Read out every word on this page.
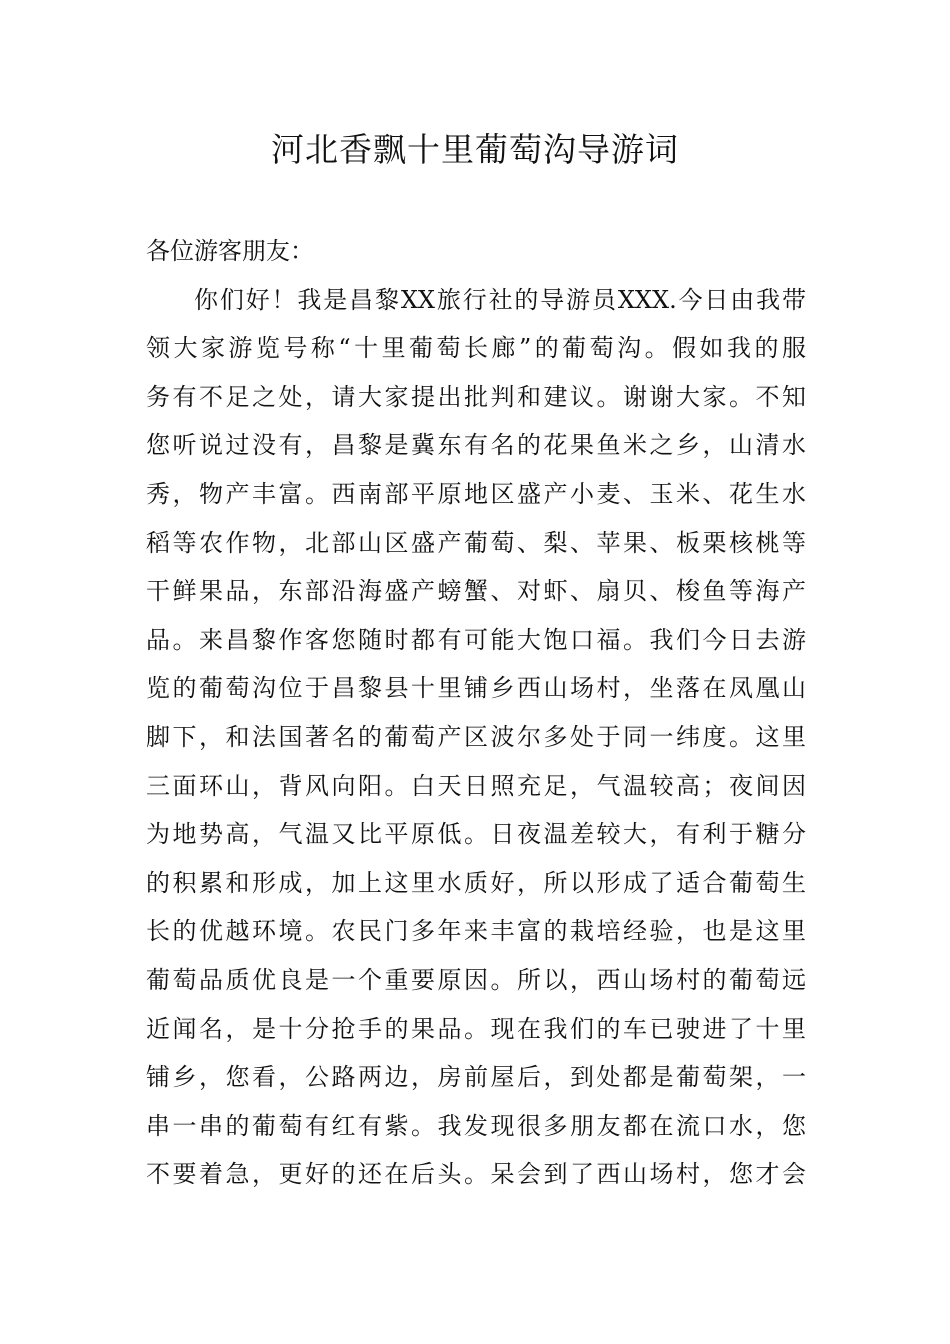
河北香飘十里葡萄沟导游词
各位游客朋友：
你们好！我是昌黎XX旅行社的导游员XXX.今日由我带
领大家游览号称“十里葡萄长廊”的葡萄沟。假如我的服
务有不足之处，请大家提出批判和建议。谢谢大家。不知
您听说过没有，昌黎是冀东有名的花果鱼米之乡，山清水
秀，物产丰富。西南部平原地区盛产小麦、玉米、花生水
稻等农作物，北部山区盛产葡萄、梨、苹果、板栗核桃等
干鲜果品，东部沿海盛产螃蟹、对虾、扇贝、梭鱼等海产
品。来昌黎作客您随时都有可能大饱口福。我们今日去游
览的葡萄沟位于昌黎县十里铺乡西山场村，坐落在凤凰山
脚下，和法国著名的葡萄产区波尔多处于同一纬度。这里
三面环山，背风向阳。白天日照充足，气温较高；夜间因
为地势高，气温又比平原低。日夜温差较大，有利于糖分
的积累和形成，加上这里水质好，所以形成了适合葡萄生
长的优越环境。农民门多年来丰富的栽培经验，也是这里
葡萄品质优良是一个重要原因。所以，西山场村的葡萄远
近闻名，是十分抢手的果品。现在我们的车已驶进了十里
铺乡，您看，公路两边，房前屋后，到处都是葡萄架，一
串一串的葡萄有红有紫。我发现很多朋友都在流口水，您
不要着急，更好的还在后头。呆会到了西山场村，您才会
